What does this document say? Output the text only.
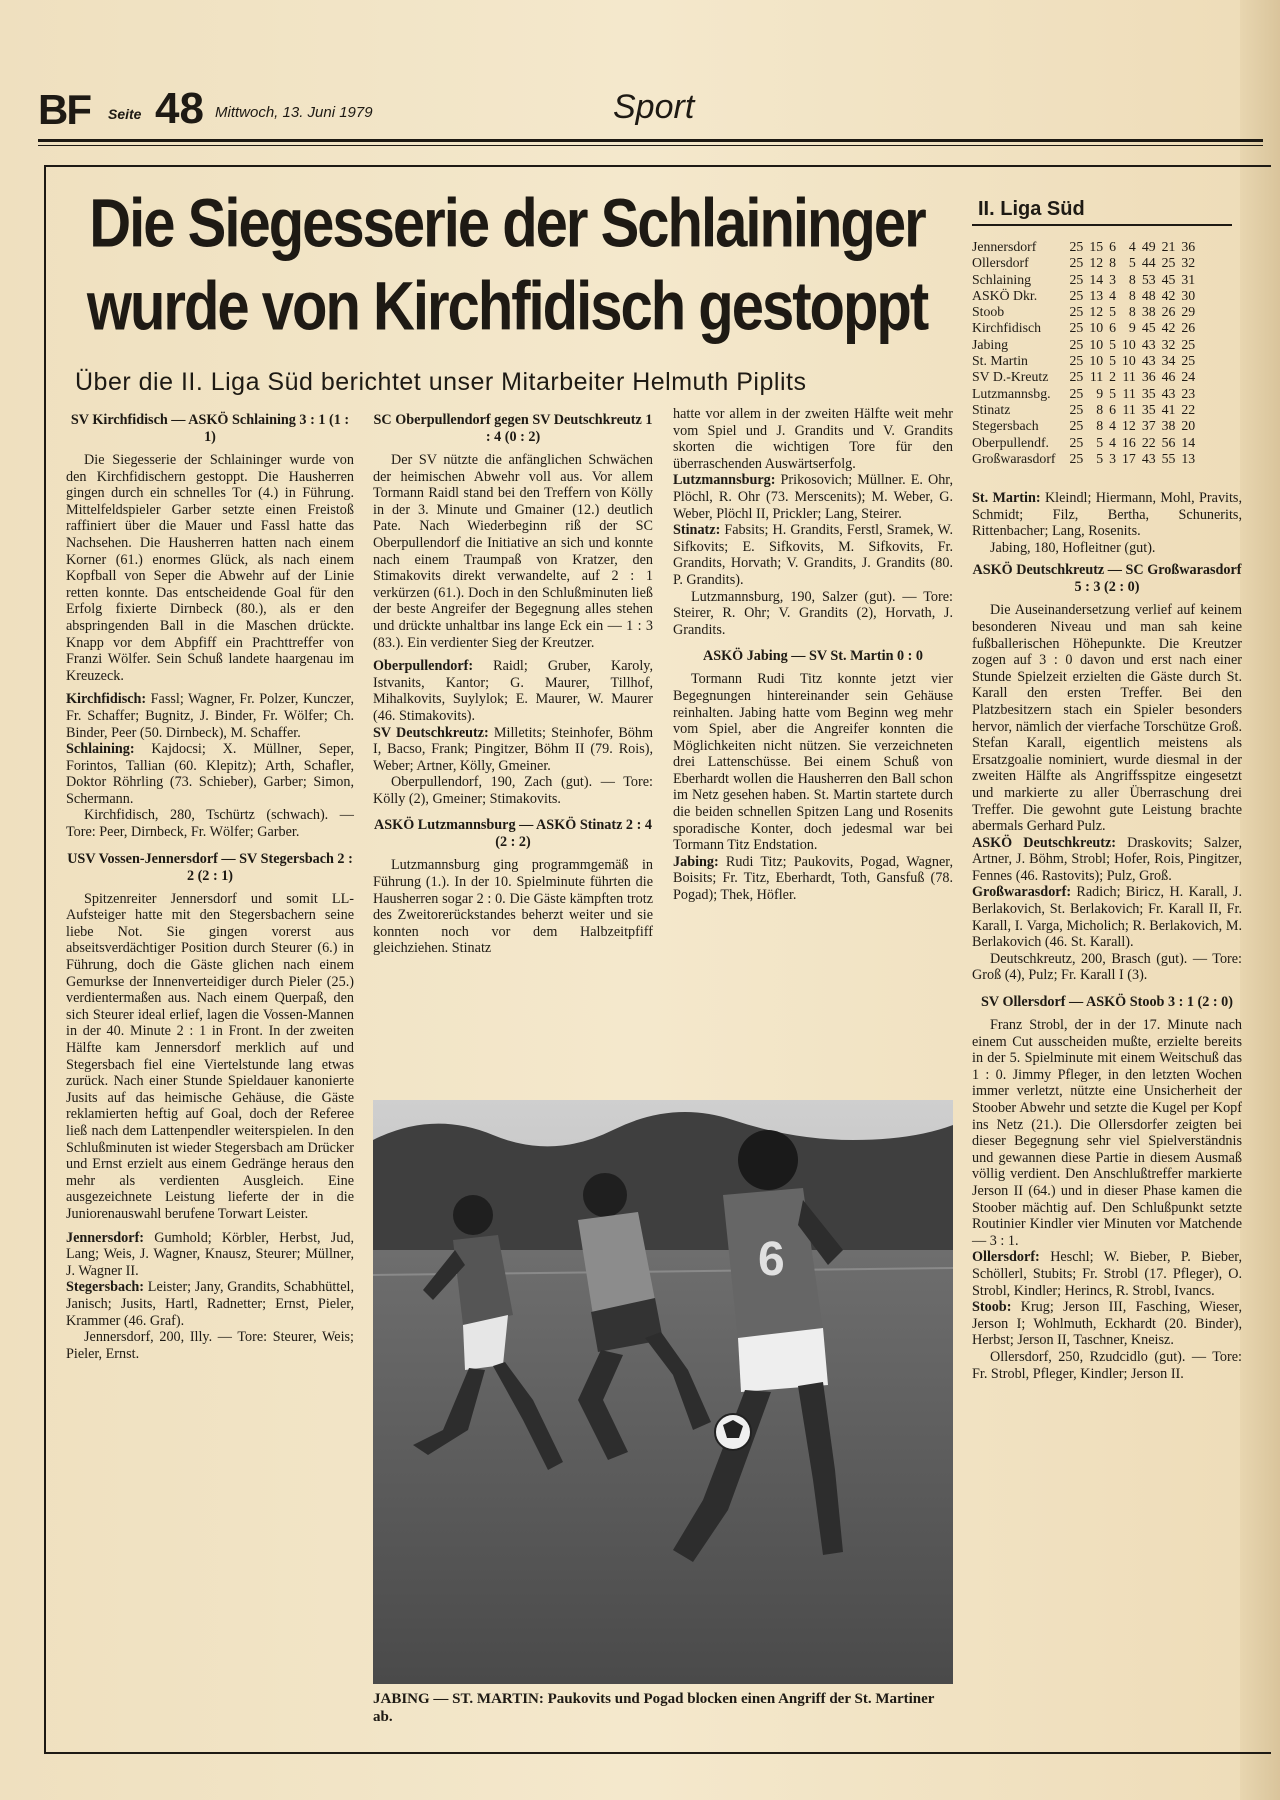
BF Seite 48 Mittwoch, 13. Juni 1979	Sport
Die Siegesserie der Schlaininger
wurde von Kirchfidisch gestoppt
Über die II. Liga Süd berichtet unser Mitarbeiter Helmuth Piplits
II. Liga Süd
Jennersdorf	25	15	6	4	49	21	36
Ollersdorf	25	12	8	5	44	25	32
Schlaining	25	14	3	8	53	45	31
ASKÖ Dkr.	25	13	4	8	48	42	30
Stoob	25	12	5	8	38	26	29
Kirchfidisch	25	10	6	9	45	42	26
Jabing	25	10	5	10	43	32	25
St. Martin	25	10	5	10	43	34	25
SV D.-Kreutz	25	11	2	11	36	46	24
Lutzmannsbg.	25	9	5	11	35	43	23
Stinatz	25	8	6	11	35	41	22
Stegersbach	25	8	4	12	37	38	20
Oberpullendf.	25	5	4	16	22	56	14
Großwarasdorf	25	5	3	17	43	55	13
SV Kirchfidisch — ASKÖ Schlaining 3 : 1 (1 : 1)

Die Siegesserie der Schlaininger wurde von den Kirchfidischern gestoppt. Die Hausherren gingen durch ein schnelles Tor (4.) in Führung. Mittelfeldspieler Garber setzte einen Freistoß raffiniert über die Mauer und Fassl hatte das Nachsehen. Die Hausherren hatten nach einem Korner (61.) enormes Glück, als nach einem Kopfball von Seper die Abwehr auf der Linie retten konnte. Das entscheidende Goal für den Erfolg fixierte Dirnbeck (80.), als er den abspringenden Ball in die Maschen drückte. Knapp vor dem Abpfiff ein Prachttreffer von Franzi Wölfer. Sein Schuß landete haargenau im Kreuzeck.

Kirchfidisch: Fassl; Wagner, Fr. Polzer, Kunczer, Fr. Schaffer; Bugnitz, J. Binder, Fr. Wölfer; Ch. Binder, Peer (50. Dirnbeck), M. Schaffer.

Schlaining: Kajdocsi; X. Müllner, Seper, Forintos, Tallian (60. Klepitz); Arth, Schafler, Doktor Röhrling (73. Schieber), Garber; Simon, Schermann.

Kirchfidisch, 280, Tschürtz (schwach). — Tore: Peer, Dirnbeck, Fr. Wölfer; Garber.

USV Vossen-Jennersdorf — SV Stegersbach 2 : 2 (2 : 1)

Spitzenreiter Jennersdorf und somit LL-Aufsteiger hatte mit den Stegersbachern seine liebe Not. Sie gingen vorerst aus abseitsverdächtiger Position durch Steurer (6.) in Führung, doch die Gäste glichen nach einem Gemurkse der Innenverteidiger durch Pieler (25.) verdientermaßen aus. Nach einem Querpaß, den sich Steurer ideal erlief, lagen die Vossen-Mannen in der 40. Minute 2 : 1 in Front. In der zweiten Hälfte kam Jennersdorf merklich auf und Stegersbach fiel eine Viertelstunde lang etwas zurück. Nach einer Stunde Spieldauer kanonierte Jusits auf das heimische Gehäuse, die Gäste reklamierten heftig auf Goal, doch der Referee ließ nach dem Lattenpendler weiterspielen. In den Schlußminuten ist wieder Stegersbach am Drücker und Ernst erzielt aus einem Gedränge heraus den mehr als verdienten Ausgleich. Eine ausgezeichnete Leistung lieferte der in die Juniorenauswahl berufene Torwart Leister.

Jennersdorf: Gumhold; Körbler, Herbst, Jud, Lang; Weis, J. Wagner, Knausz, Steurer; Müllner, J. Wagner II.

Stegersbach: Leister; Jany, Grandits, Schabhüttel, Janisch; Jusits, Hartl, Radnetter; Ernst, Pieler, Krammer (46. Graf).

Jennersdorf, 200, Illy. — Tore: Steurer, Weis; Pieler, Ernst.

SC Oberpullendorf gegen SV Deutschkreutz 1 : 4 (0 : 2)

Der SV nützte die anfänglichen Schwächen der heimischen Abwehr voll aus. Vor allem Tormann Raidl stand bei den Treffern von Kölly in der 3. Minute und Gmainer (12.) deutlich Pate. Nach Wiederbeginn riß der SC Oberpullendorf die Initiative an sich und konnte nach einem Traumpaß von Kratzer, den Stimakovits direkt verwandelte, auf 2 : 1 verkürzen (61.). Doch in den Schlußminuten ließ der beste Angreifer der Begegnung alles stehen und drückte unhaltbar ins lange Eck ein — 1 : 3 (83.). Ein verdienter Sieg der Kreutzer.

Oberpullendorf: Raidl; Gruber, Karoly, Istvanits, Kantor; G. Maurer, Tillhof, Mihalkovits, Suylylok; E. Maurer, W. Maurer (46. Stimakovits).

SV Deutschkreutz: Milletits; Steinhofer, Böhm I, Bacso, Frank; Pingitzer, Böhm II (79. Rois), Weber; Artner, Kölly, Gmeiner.

Oberpullendorf, 190, Zach (gut). — Tore: Kölly (2), Gmeiner; Stimakovits.

ASKÖ Lutzmannsburg — ASKÖ Stinatz 2 : 4 (2 : 2)

Lutzmannsburg ging programmgemäß in Führung (1.). In der 10. Spielminute führten die Hausherren sogar 2 : 0. Die Gäste kämpften trotz des Zweitorerückstandes beherzt weiter und sie konnten noch vor dem Halbzeitpfiff gleichziehen. Stinatz

hatte vor allem in der zweiten Hälfte weit mehr vom Spiel und J. Grandits und V. Grandits skorten die wichtigen Tore für den überraschenden Auswärtserfolg.

Lutzmannsburg: Prikosovich; Müllner. E. Ohr, Plöchl, R. Ohr (73. Merscenits); M. Weber, G. Weber, Plöchl II, Prickler; Lang, Steirer.

Stinatz: Fabsits; H. Grandits, Ferstl, Sramek, W. Sifkovits; E. Sifkovits, M. Sifkovits, Fr. Grandits, Horvath; V. Grandits, J. Grandits (80. P. Grandits).

Lutzmannsburg, 190, Salzer (gut). — Tore: Steirer, R. Ohr; V. Grandits (2), Horvath, J. Grandits.

ASKÖ Jabing — SV St. Martin 0 : 0

Tormann Rudi Titz konnte jetzt vier Begegnungen hintereinander sein Gehäuse reinhalten. Jabing hatte vom Beginn weg mehr vom Spiel, aber die Angreifer konnten die Möglichkeiten nicht nützen. Sie verzeichneten drei Lattenschüsse. Bei einem Schuß von Eberhardt wollen die Hausherren den Ball schon im Netz gesehen haben. St. Martin startete durch die beiden schnellen Spitzen Lang und Rosenits sporadische Konter, doch jedesmal war bei Tormann Titz Endstation.

Jabing: Rudi Titz; Paukovits, Pogad, Wagner, Boisits; Fr. Titz, Eberhardt, Toth, Gansfuß (78. Pogad); Thek, Höfler.

St. Martin: Kleindl; Hiermann, Mohl, Pravits, Schmidt; Filz, Bertha, Schunerits, Rittenbacher; Lang, Rosenits.

Jabing, 180, Hofleitner (gut).

ASKÖ Deutschkreutz — SC Großwarasdorf 5 : 3 (2 : 0)

Die Auseinandersetzung verlief auf keinem besonderen Niveau und man sah keine fußballerischen Höhepunkte. Die Kreutzer zogen auf 3 : 0 davon und erst nach einer Stunde Spielzeit erzielten die Gäste durch St. Karall den ersten Treffer. Bei den Platzbesitzern stach ein Spieler besonders hervor, nämlich der vierfache Torschütze Groß. Stefan Karall, eigentlich meistens als Ersatzgoalie nominiert, wurde diesmal in der zweiten Hälfte als Angriffsspitze eingesetzt und markierte zu aller Überraschung drei Treffer. Die gewohnt gute Leistung brachte abermals Gerhard Pulz.

ASKÖ Deutschkreutz: Draskovits; Salzer, Artner, J. Böhm, Strobl; Hofer, Rois, Pingitzer, Fennes (46. Rastovits); Pulz, Groß.

Großwarasdorf: Radich; Biricz, H. Karall, J. Berlakovich, St. Berlakovich; Fr. Karall II, Fr. Karall, I. Varga, Micholich; R. Berlakovich, M. Berlakovich (46. St. Karall).

Deutschkreutz, 200, Brasch (gut). — Tore: Groß (4), Pulz; Fr. Karall I (3).

SV Ollersdorf — ASKÖ Stoob 3 : 1 (2 : 0)

Franz Strobl, der in der 17. Minute nach einem Cut ausscheiden mußte, erzielte bereits in der 5. Spielminute mit einem Weitschuß das 1 : 0. Jimmy Pfleger, in den letzten Wochen immer verletzt, nützte eine Unsicherheit der Stoober Abwehr und setzte die Kugel per Kopf ins Netz (21.). Die Ollersdorfer zeigten bei dieser Begegnung sehr viel Spielverständnis und gewannen diese Partie in diesem Ausmaß völlig verdient. Den Anschlußtreffer markierte Jerson II (64.) und in dieser Phase kamen die Stoober mächtig auf. Den Schlußpunkt setzte Routinier Kindler vier Minuten vor Matchende — 3 : 1.

Ollersdorf: Heschl; W. Bieber, P. Bieber, Schöllerl, Stubits; Fr. Strobl (17. Pfleger), O. Strobl, Kindler; Herincs, R. Strobl, Ivancs.

Stoob: Krug; Jerson III, Fasching, Wieser, Jerson I; Wohlmuth, Eckhardt (20. Binder), Herbst; Jerson II, Taschner, Kneisz.

Ollersdorf, 250, Rzudcidlo (gut). — Tore: Fr. Strobl, Pfleger, Kindler; Jerson II.

6
JABING — ST. MARTIN: Paukovits und Pogad blocken einen Angriff der St. Martiner ab.
